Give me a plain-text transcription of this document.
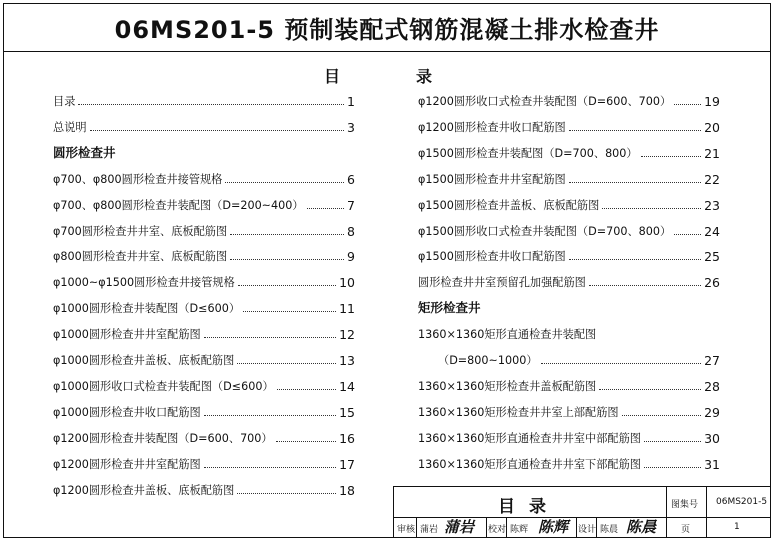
06MS201-5 预制装配式钢筋混凝土排水检查井
目	录
目录	1
总说明	3
圆形检查井
φ700、φ800圆形检查井接管规格	6
φ700、φ800圆形检查井装配图（D=200~400）	7
φ700圆形检查井井室、底板配筋图	8
φ800圆形检查井井室、底板配筋图	9
φ1000~φ1500圆形检查井接管规格	10
φ1000圆形检查井装配图（D≤600）	11
φ1000圆形检查井井室配筋图	12
φ1000圆形检查井盖板、底板配筋图	13
φ1000圆形收口式检查井装配图（D≤600）	14
φ1000圆形检查井收口配筋图	15
φ1200圆形检查井装配图（D=600、700）	16
φ1200圆形检查井井室配筋图	17
φ1200圆形检查井盖板、底板配筋图	18
φ1200圆形收口式检查井装配图（D=600、700）	19
φ1200圆形检查井收口配筋图	20
φ1500圆形检查井装配图（D=700、800）	21
φ1500圆形检查井井室配筋图	22
φ1500圆形检查井盖板、底板配筋图	23
φ1500圆形收口式检查井装配图（D=700、800）	24
φ1500圆形检查井收口配筋图	25
圆形检查井井室预留孔加强配筋图	26
矩形检查井
1360×1360矩形直通检查井装配图
（D=800~1000）	27
1360×1360矩形检查井盖板配筋图	28
1360×1360矩形检查井井室上部配筋图	29
1360×1360矩形直通检查井井室中部配筋图	30
1360×1360矩形直通检查井井室下部配筋图	31
目录	图集号 06MS201-5
审核 蒲岩 蒲岩 校对 陈辉 陈辉 设计 陈晨 陈晨	页	1
